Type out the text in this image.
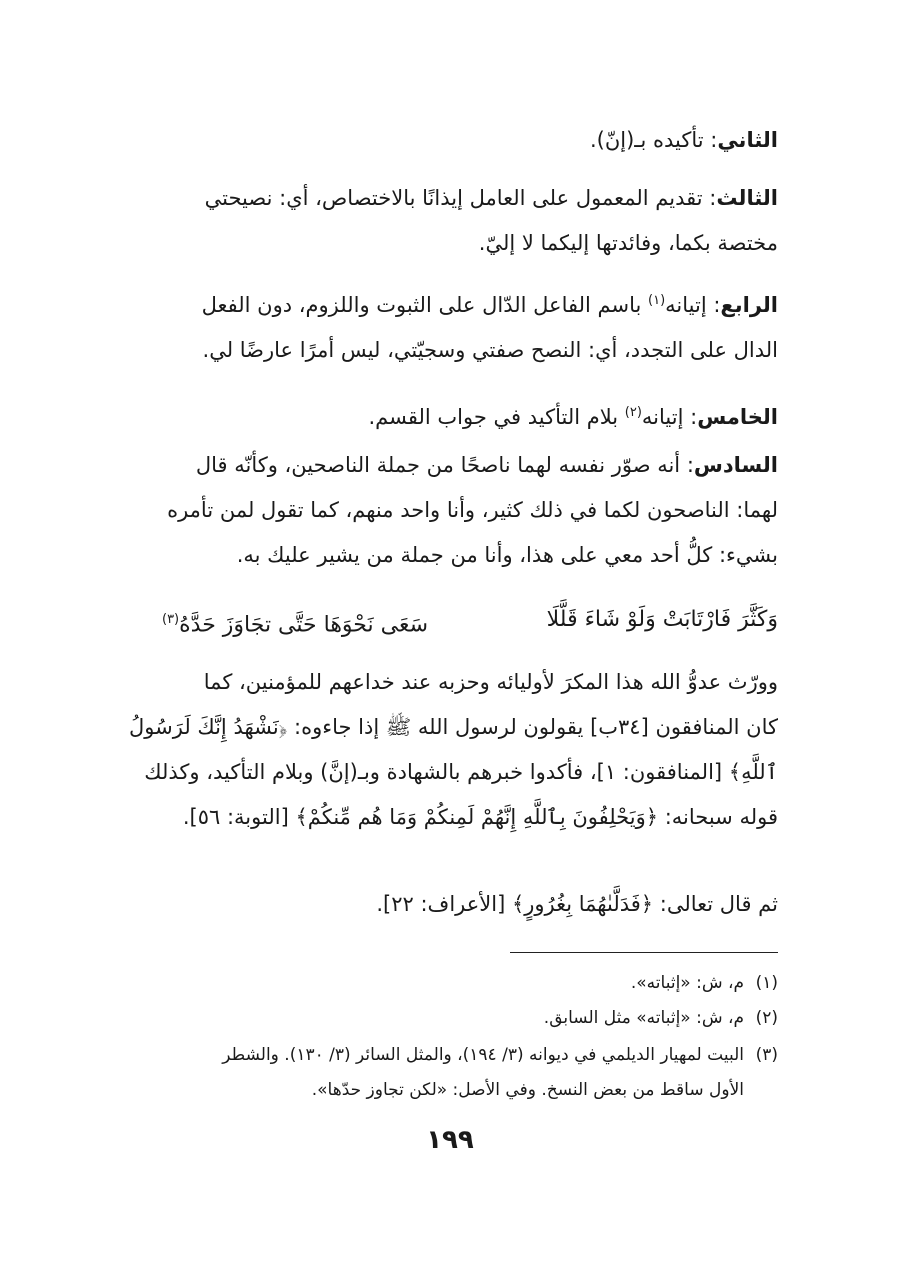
الثاني: تأكيده بـ(إنّ).
الثالث: تقديم المعمول على العامل إيذانًا بالاختصاص، أي: نصيحتي
مختصة بكما، وفائدتها إليكما لا إليّ.
الرابع: إتيانه$^{(١)}$ باسم الفاعل الدّال على الثبوت واللزوم، دون الفعل
الدال على التجدد، أي: النصح صفتي وسجيّتي، ليس أمرًا عارضًا لي.
الخامس: إتيانه$^{(٢)}$ بلام التأكيد في جواب القسم.
السادس: أنه صوّر نفسه لهما ناصحًا من جملة الناصحين، وكأنّه قال
لهما: الناصحون لكما في ذلك كثير، وأنا واحد منهم، كما تقول لمن تأمره
بشيء: كلُّ أحد معي على هذا، وأنا من جملة من يشير عليك به.
وَكَثَّرَ فَارْتَابَتْ وَلَوْ شَاءَ قَلَّلَا
سَعَى نَحْوَهَا حَتَّى تجَاوَزَ حَدَّهُ$^{(٣)}$
وورّث عدوُّ الله هذا المكرَ لأوليائه وحزبه عند خداعهم للمؤمنين، كما
كان المنافقون [٣٤ب] يقولون لرسول الله ﷺ إذا جاءوه: ﴿نَشْهَدُ إِنَّكَ لَرَسُولُ
ٱللَّهِ﴾ [المنافقون: ١]، فأكدوا خبرهم بالشهادة وبـ(إنَّ) وبلام التأكيد، وكذلك
قوله سبحانه: ﴿وَيَحْلِفُونَ بِٱللَّهِ إِنَّهُمْ لَمِنكُمْ وَمَا هُم مِّنكُمْ﴾ [التوبة: ٥٦].
ثم قال تعالى: ﴿فَدَلَّىٰهُمَا بِغُرُورٍ﴾ [الأعراف: ٢٢].
(١)م، ش: «إثباته».
(٢)م، ش: «إثباته» مثل السابق.
(٣)البيت لمهيار الديلمي في ديوانه (٣/ ١٩٤)، والمثل السائر (٣/ ١٣٠). والشطر
الأول ساقط من بعض النسخ. وفي الأصل: «لكن تجاوز حدّها».
١٩٩
